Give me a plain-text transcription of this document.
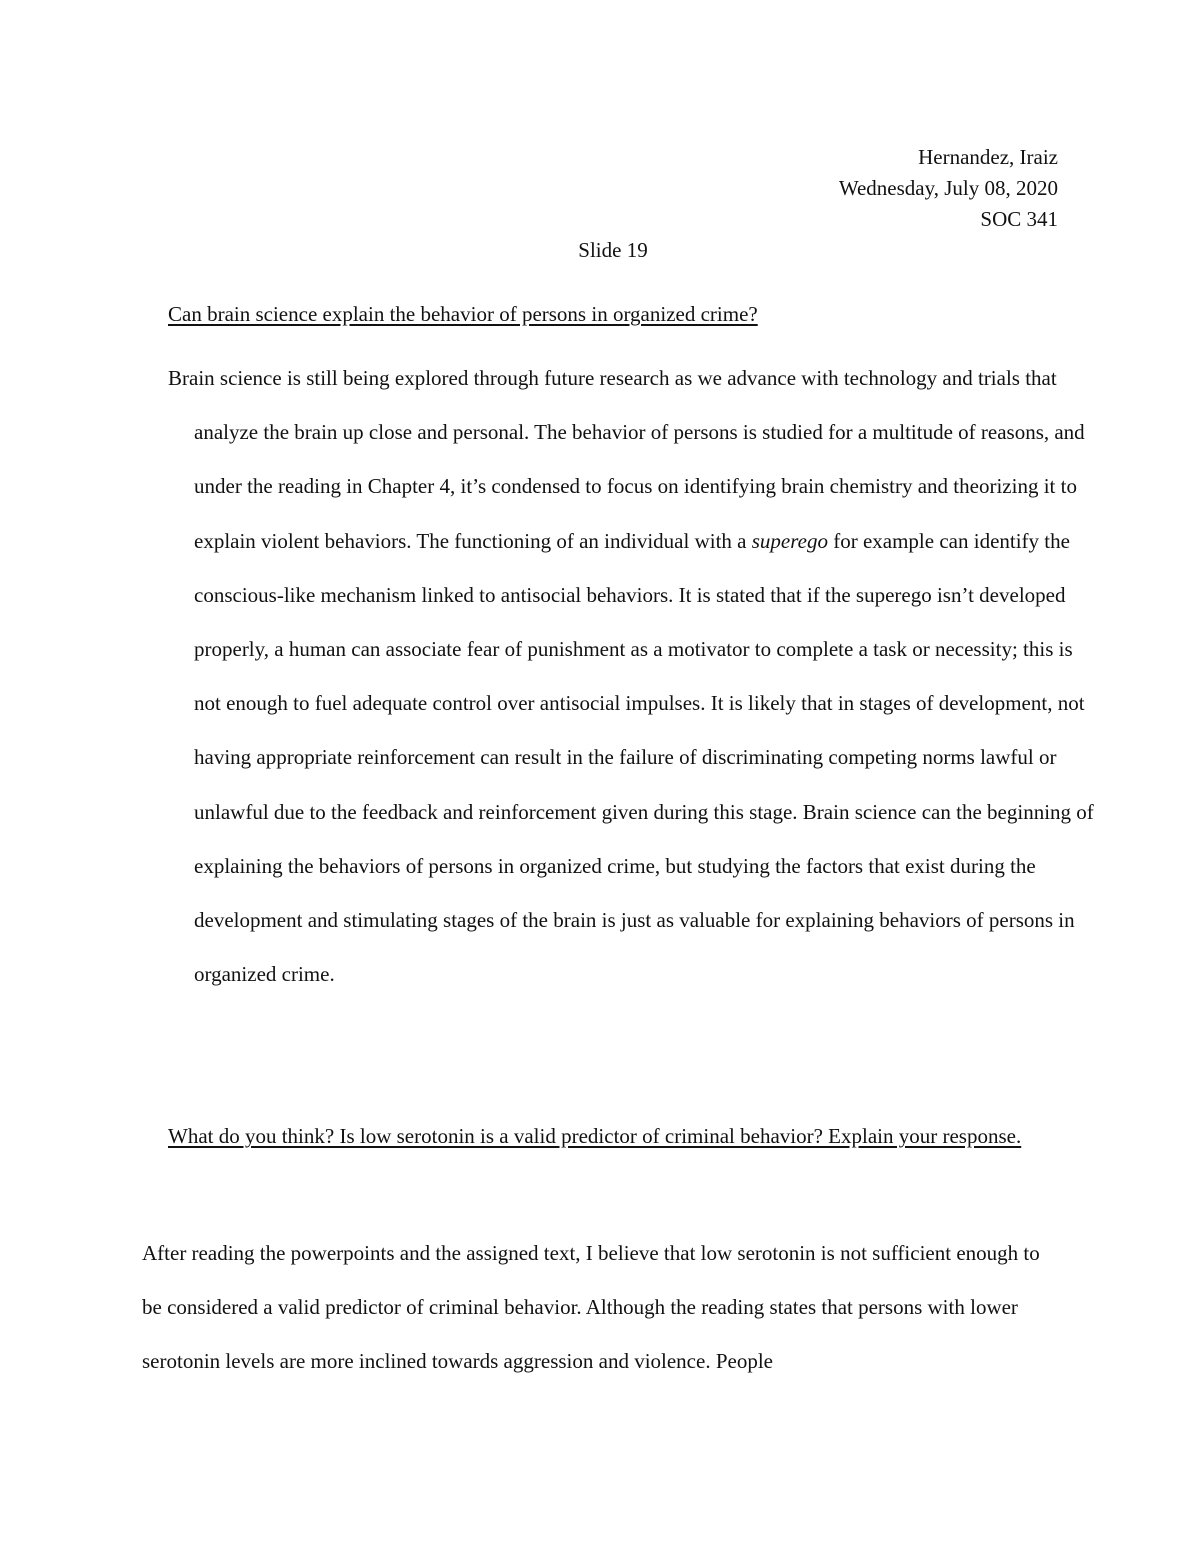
Hernandez, Iraiz
Wednesday, July 08, 2020
SOC 341
Slide 19
Can brain science explain the behavior of persons in organized crime?

Brain science is still being explored through future research as we advance with technology and trials that analyze the brain up close and personal. The behavior of persons is studied for a multitude of reasons, and under the reading in Chapter 4, it’s condensed to focus on identifying brain chemistry and theorizing it to explain violent behaviors. The functioning of an individual with a superego for example can identify the conscious-like mechanism linked to antisocial behaviors. It is stated that if the superego isn’t developed properly, a human can associate fear of punishment as a motivator to complete a task or necessity; this is not enough to fuel adequate control over antisocial impulses. It is likely that in stages of development, not having appropriate reinforcement can result in the failure of discriminating competing norms lawful or unlawful due to the feedback and reinforcement given during this stage. Brain science can the beginning of explaining the behaviors of persons in organized crime, but studying the factors that exist during the development and stimulating stages of the brain is just as valuable for explaining behaviors of persons in organized crime.

What do you think? Is low serotonin is a valid predictor of criminal behavior? Explain your response.

After reading the powerpoints and the assigned text, I believe that low serotonin is not sufficient enough to be considered a valid predictor of criminal behavior. Although the reading states that persons with lower serotonin levels are more inclined towards aggression and violence. People
